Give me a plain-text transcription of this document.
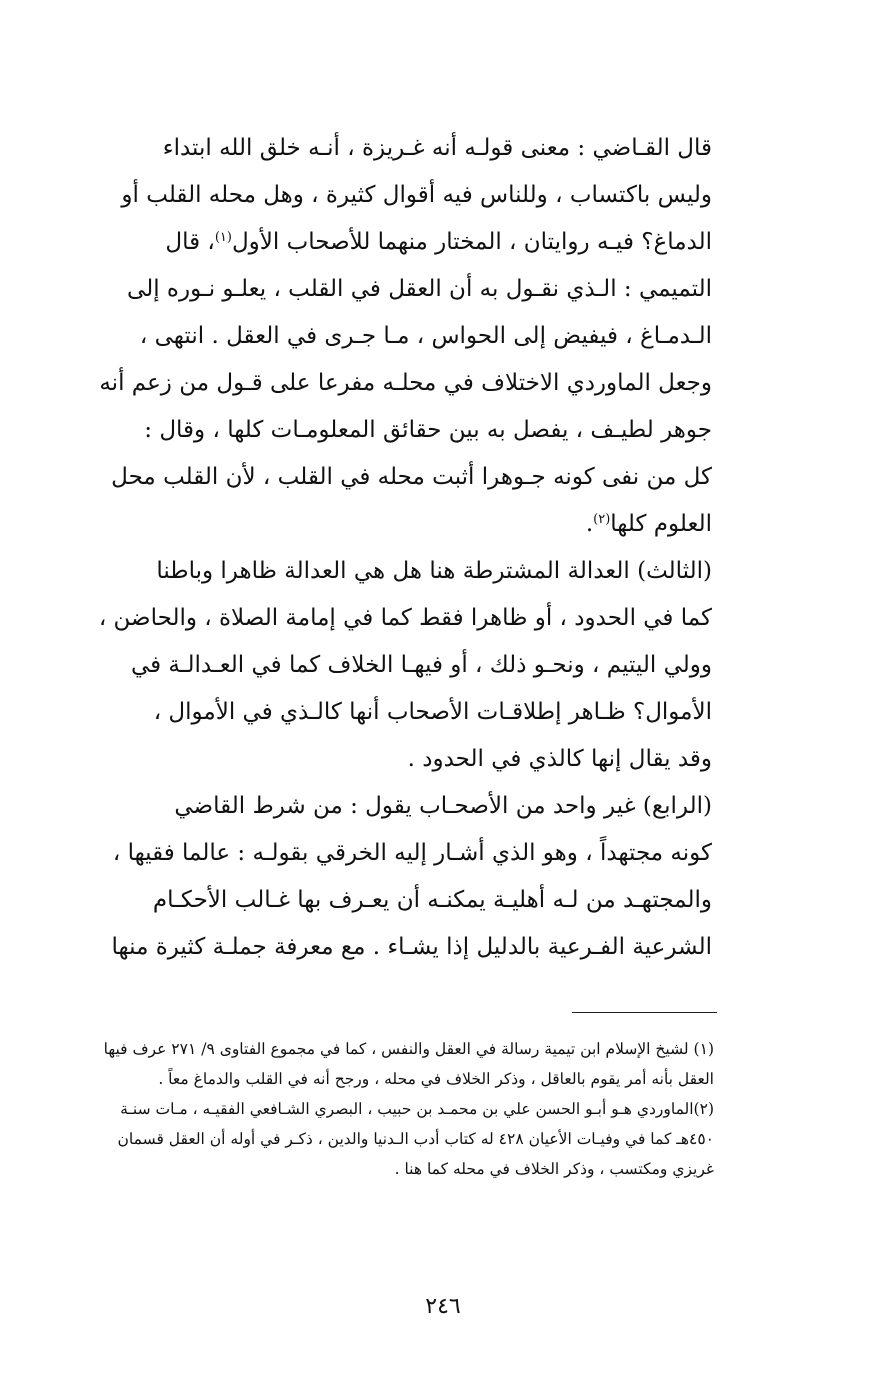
قال القـاضي : معنى قولـه أنه غـريزة ، أنـه خلق الله ابتداء
وليس باكتساب ، وللناس فيه أقوال كثيرة ، وهل محله القلب أو
الدماغ؟ فيـه روايتان ، المختار منهما للأصحاب الأول$^{(١)}$، قال
التميمي : الـذي نقـول به أن العقل في القلب ، يعلـو نـوره إلى
الـدمـاغ ، فيفيض إلى الحواس ، مـا جـرى في العقل . انتهى ،
وجعل الماوردي الاختلاف في محلـه مفرعا على قـول من زعم أنه
جوهر لطيـف ، يفصل به بين حقائق المعلومـات كلها ، وقال :
كل من نفى كونه جـوهرا أثبت محله في القلب ، لأن القلب محل
العلوم كلها$^{(٢)}$.
(الثالث) العدالة المشترطة هنا هل هي العدالة ظاهرا وباطنا
كما في الحدود ، أو ظاهرا فقط كما في إمامة الصلاة ، والحاضن ،
وولي اليتيم ، ونحـو ذلك ، أو فيهـا الخلاف كما في العـدالـة في
الأموال؟ ظـاهر إطلاقـات الأصحاب أنها كالـذي في الأموال ،
وقد يقال إنها كالذي في الحدود .
(الرابع) غير واحد من الأصحـاب يقول : من شرط القاضي
كونه مجتهداً ، وهو الذي أشـار إليه الخرقي بقولـه : عالما فقيها ،
والمجتهـد من لـه أهليـة يمكنـه أن يعـرف بها غـالب الأحكـام
الشرعية الفـرعية بالدليل إذا يشـاء . مع معرفة جملـة كثيرة منها
(١) لشيخ الإسلام ابن تيمية رسالة في العقل والنفس ، كما في مجموع الفتاوى ٩/ ٢٧١ عرف فيها
العقل بأنه أمر يقوم بالعاقل ، وذكر الخلاف في محله ، ورجح أنه في القلب والدماغ معاً .
(٢)الماوردي هـو أبـو الحسن علي بن محمـد بن حبيب ، البصري الشـافعي الفقيـه ، مـات سنـة
٤٥٠هـ كما في وفيـات الأعيان ٤٢٨ له كتاب أدب الـدنيا والدين ، ذكـر في أوله أن العقل قسمان
غريزي ومكتسب ، وذكر الخلاف في محله كما هنا .
٢٤٦
